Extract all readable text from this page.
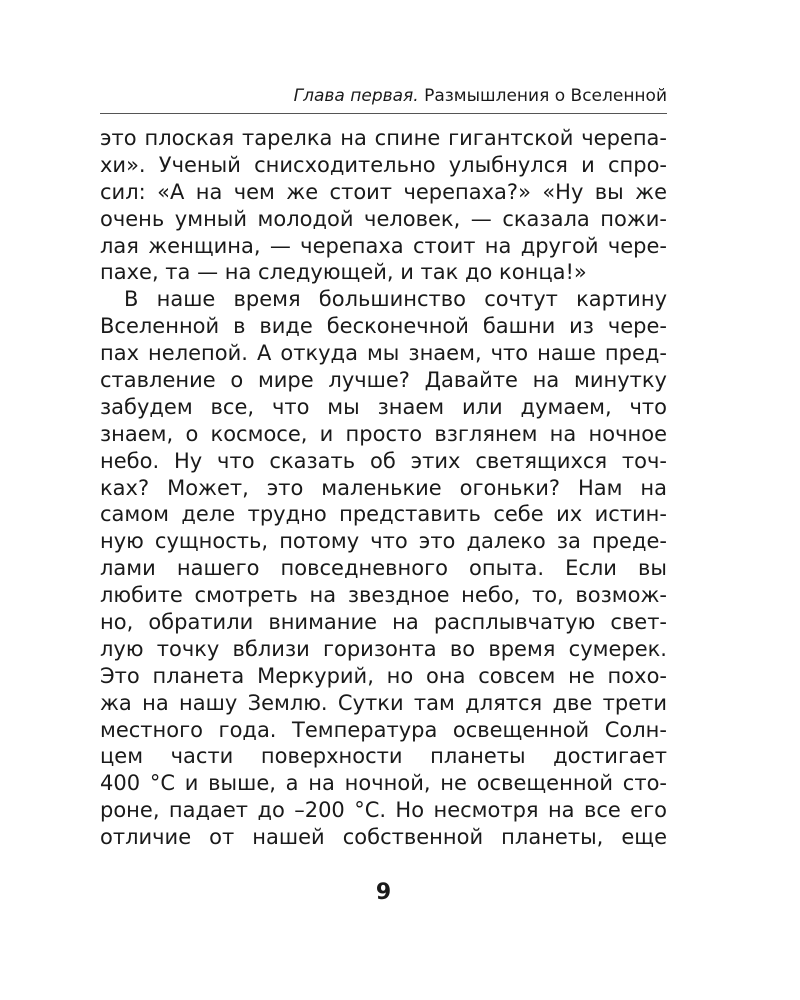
Глава первая. Размышления о Вселенной
это плоская тарелка на спине гигантской черепа-
хи». Ученый снисходительно улыбнулся и спро-
сил: «А на чем же стоит черепаха?» «Ну вы же
очень умный молодой человек, — сказала пожи-
лая женщина, — черепаха стоит на другой чере-
пахе, та — на следующей, и так до конца!»
В наше время большинство сочтут картину
Вселенной в виде бесконечной башни из чере-
пах нелепой. А откуда мы знаем, что наше пред-
ставление о мире лучше? Давайте на минутку
забудем все, что мы знаем или думаем, что
знаем, о космосе, и просто взглянем на ночное
небо. Ну что сказать об этих светящихся точ-
ках? Может, это маленькие огоньки? Нам на
самом деле трудно представить себе их истин-
ную сущность, потому что это далеко за преде-
лами нашего повседневного опыта. Если вы
любите смотреть на звездное небо, то, возмож-
но, обратили внимание на расплывчатую свет-
лую точку вблизи горизонта во время сумерек.
Это планета Меркурий, но она совсем не похо-
жа на нашу Землю. Сутки там длятся две трети
местного года. Температура освещенной Солн-
цем части поверхности планеты достигает
400 °C и выше, а на ночной, не освещенной сто-
роне, падает до –200 °C. Но несмотря на все его
отличие от нашей собственной планеты, еще
9
